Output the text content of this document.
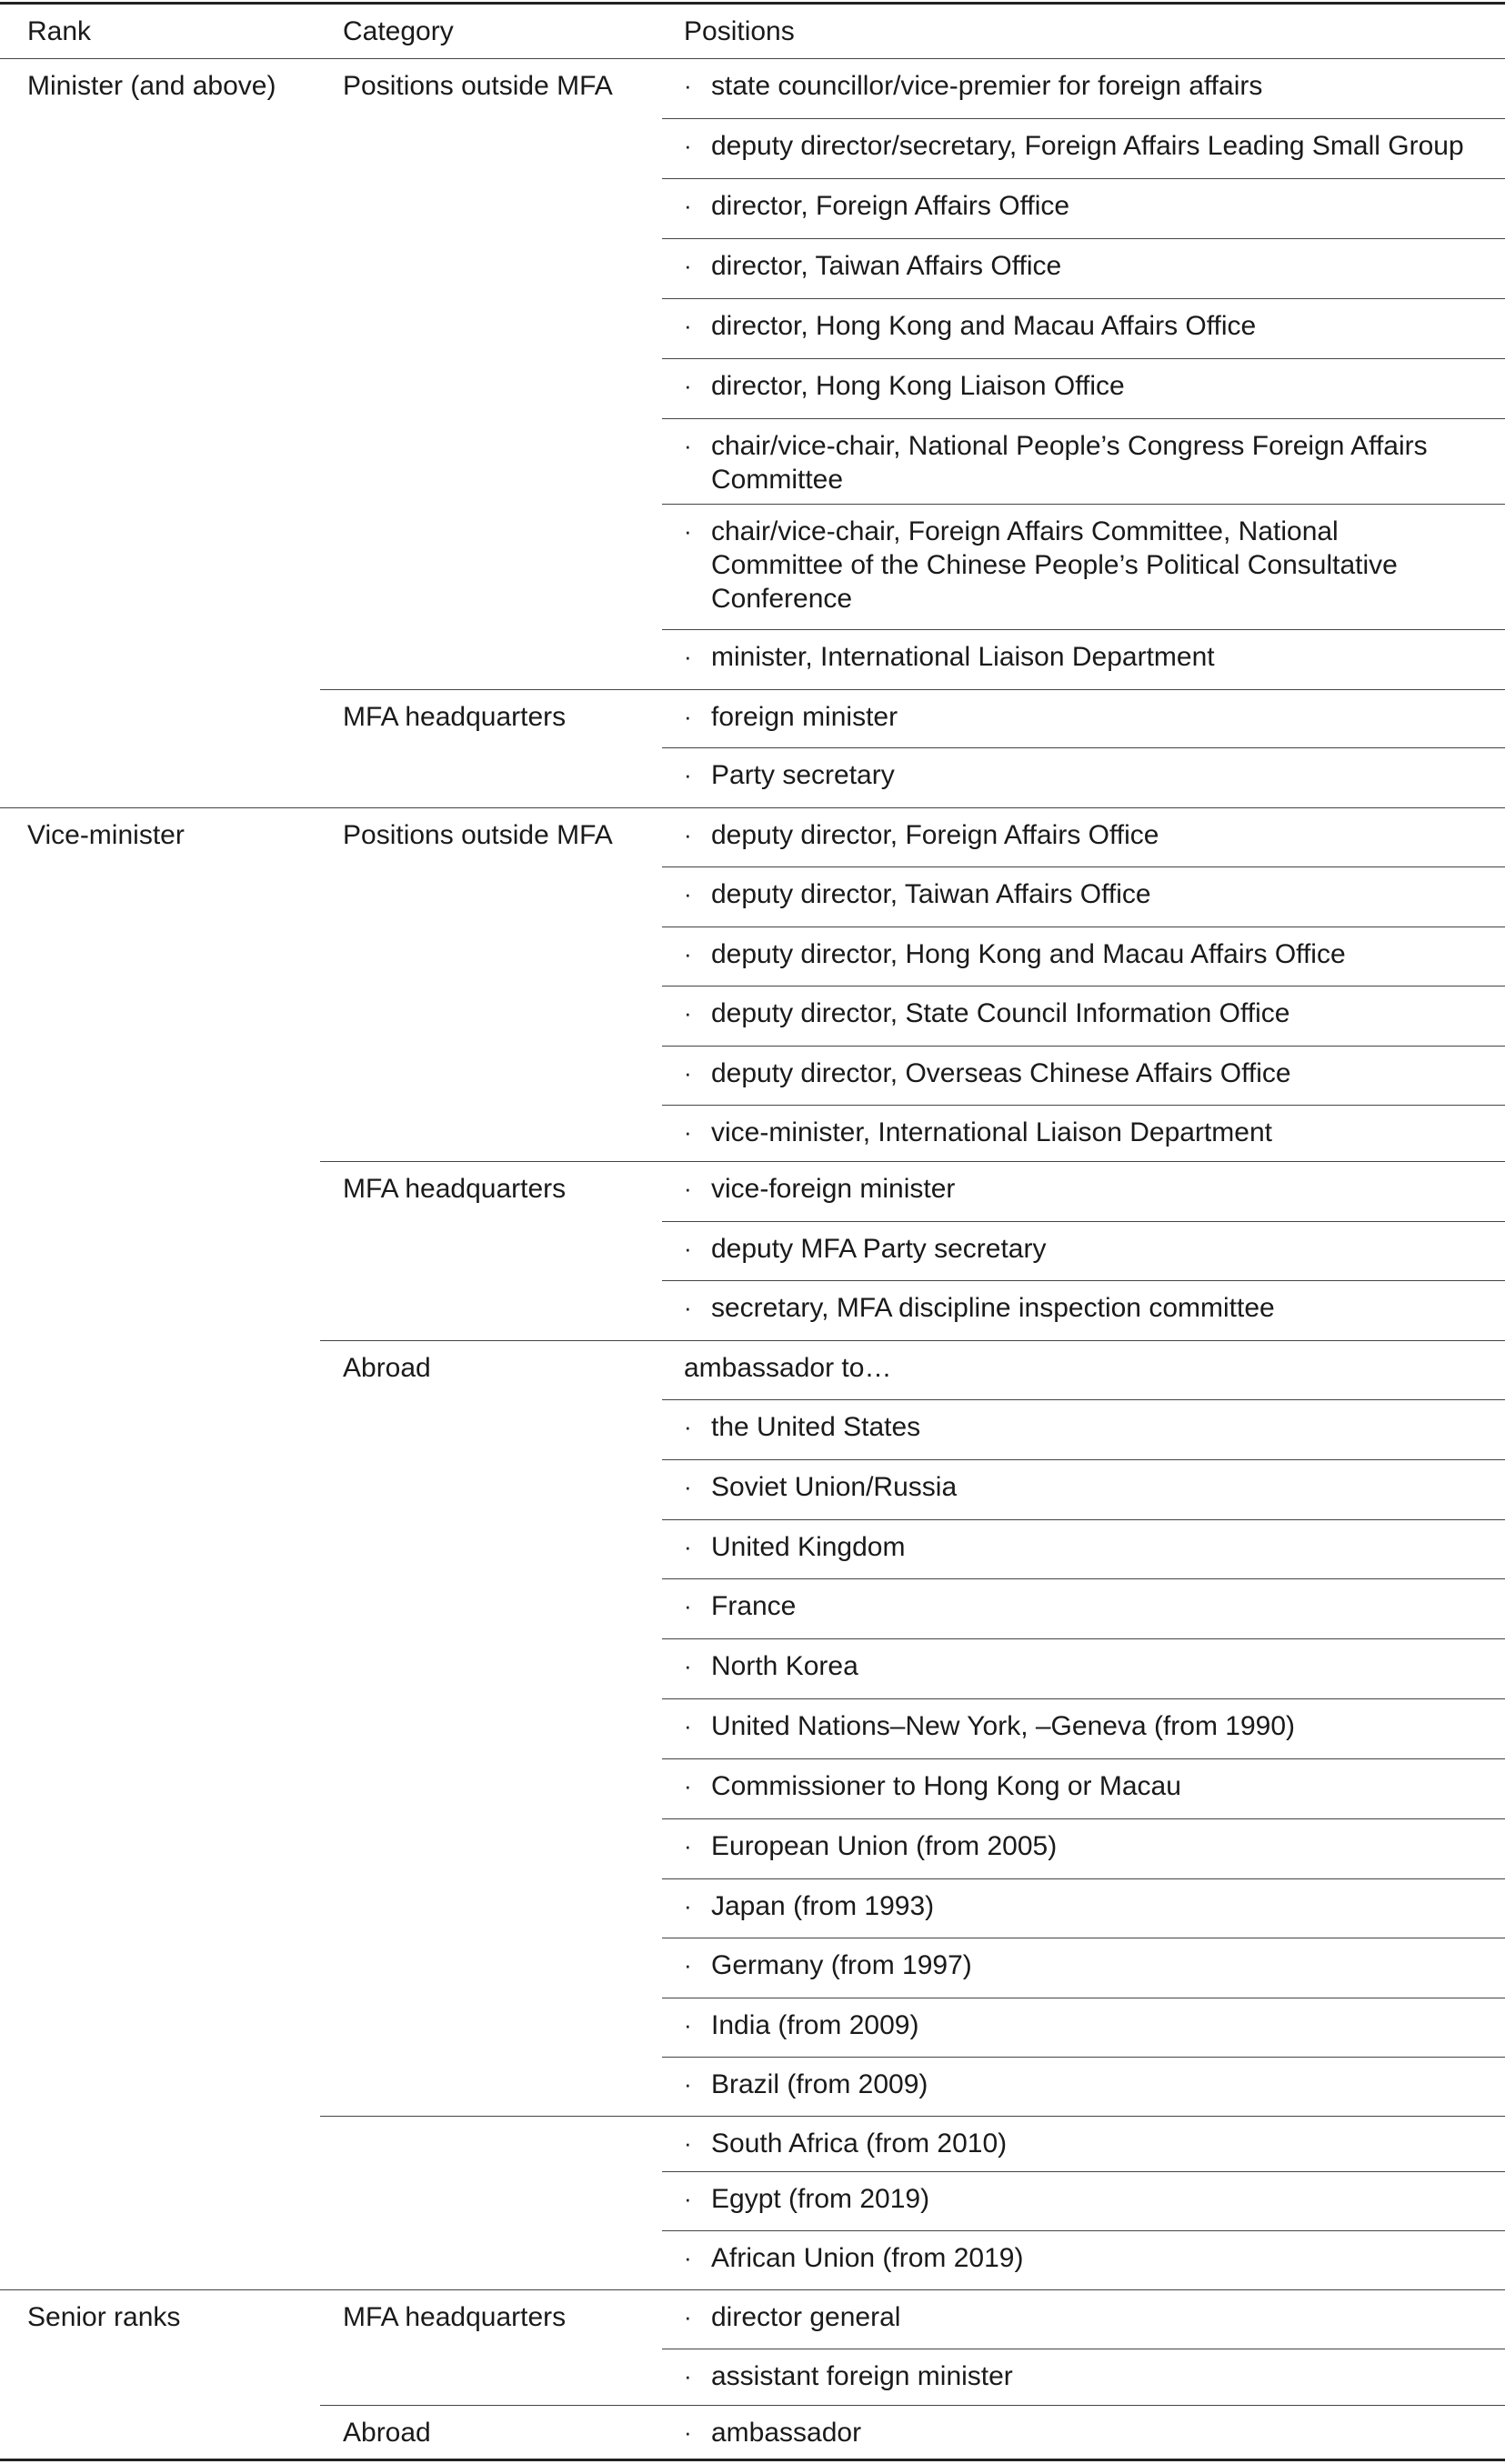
Rank	Category	Positions
Minister (and above) Positions outside MFA	· state councillor/vice-premier for foreign affairs
· deputy director/secretary, Foreign Affairs Leading Small Group
· director, Foreign Affairs Office
· director, Taiwan Affairs Office
· director, Hong Kong and Macau Affairs Office
· director, Hong Kong Liaison Office
· chair/vice-chair, National People’s Congress Foreign Affairs
Committee
· chair/vice-chair, Foreign Affairs Committee, National
Committee of the Chinese People’s Political Consultative
Conference
· minister, International Liaison Department
MFA headquarters	· foreign minister
· Party secretary
Vice-minister	Positions outside MFA	· deputy director, Foreign Affairs Office
· deputy director, Taiwan Affairs Office
· deputy director, Hong Kong and Macau Affairs Office
· deputy director, State Council Information Office
· deputy director, Overseas Chinese Affairs Office
· vice-minister, International Liaison Department
MFA headquarters	· vice-foreign minister
· deputy MFA Party secretary
· secretary, MFA discipline inspection committee
Abroad	ambassador to…
· the United States
· Soviet Union/Russia
· United Kingdom
· France
· North Korea
· United Nations–New York, –Geneva (from 1990)
· Commissioner to Hong Kong or Macau
· European Union (from 2005)
· Japan (from 1993)
· Germany (from 1997)
· India (from 2009)
· Brazil (from 2009)
· South Africa (from 2010)
· Egypt (from 2019)
· African Union (from 2019)
Senior ranks	MFA headquarters	· director general
· assistant foreign minister
Abroad	· ambassador
